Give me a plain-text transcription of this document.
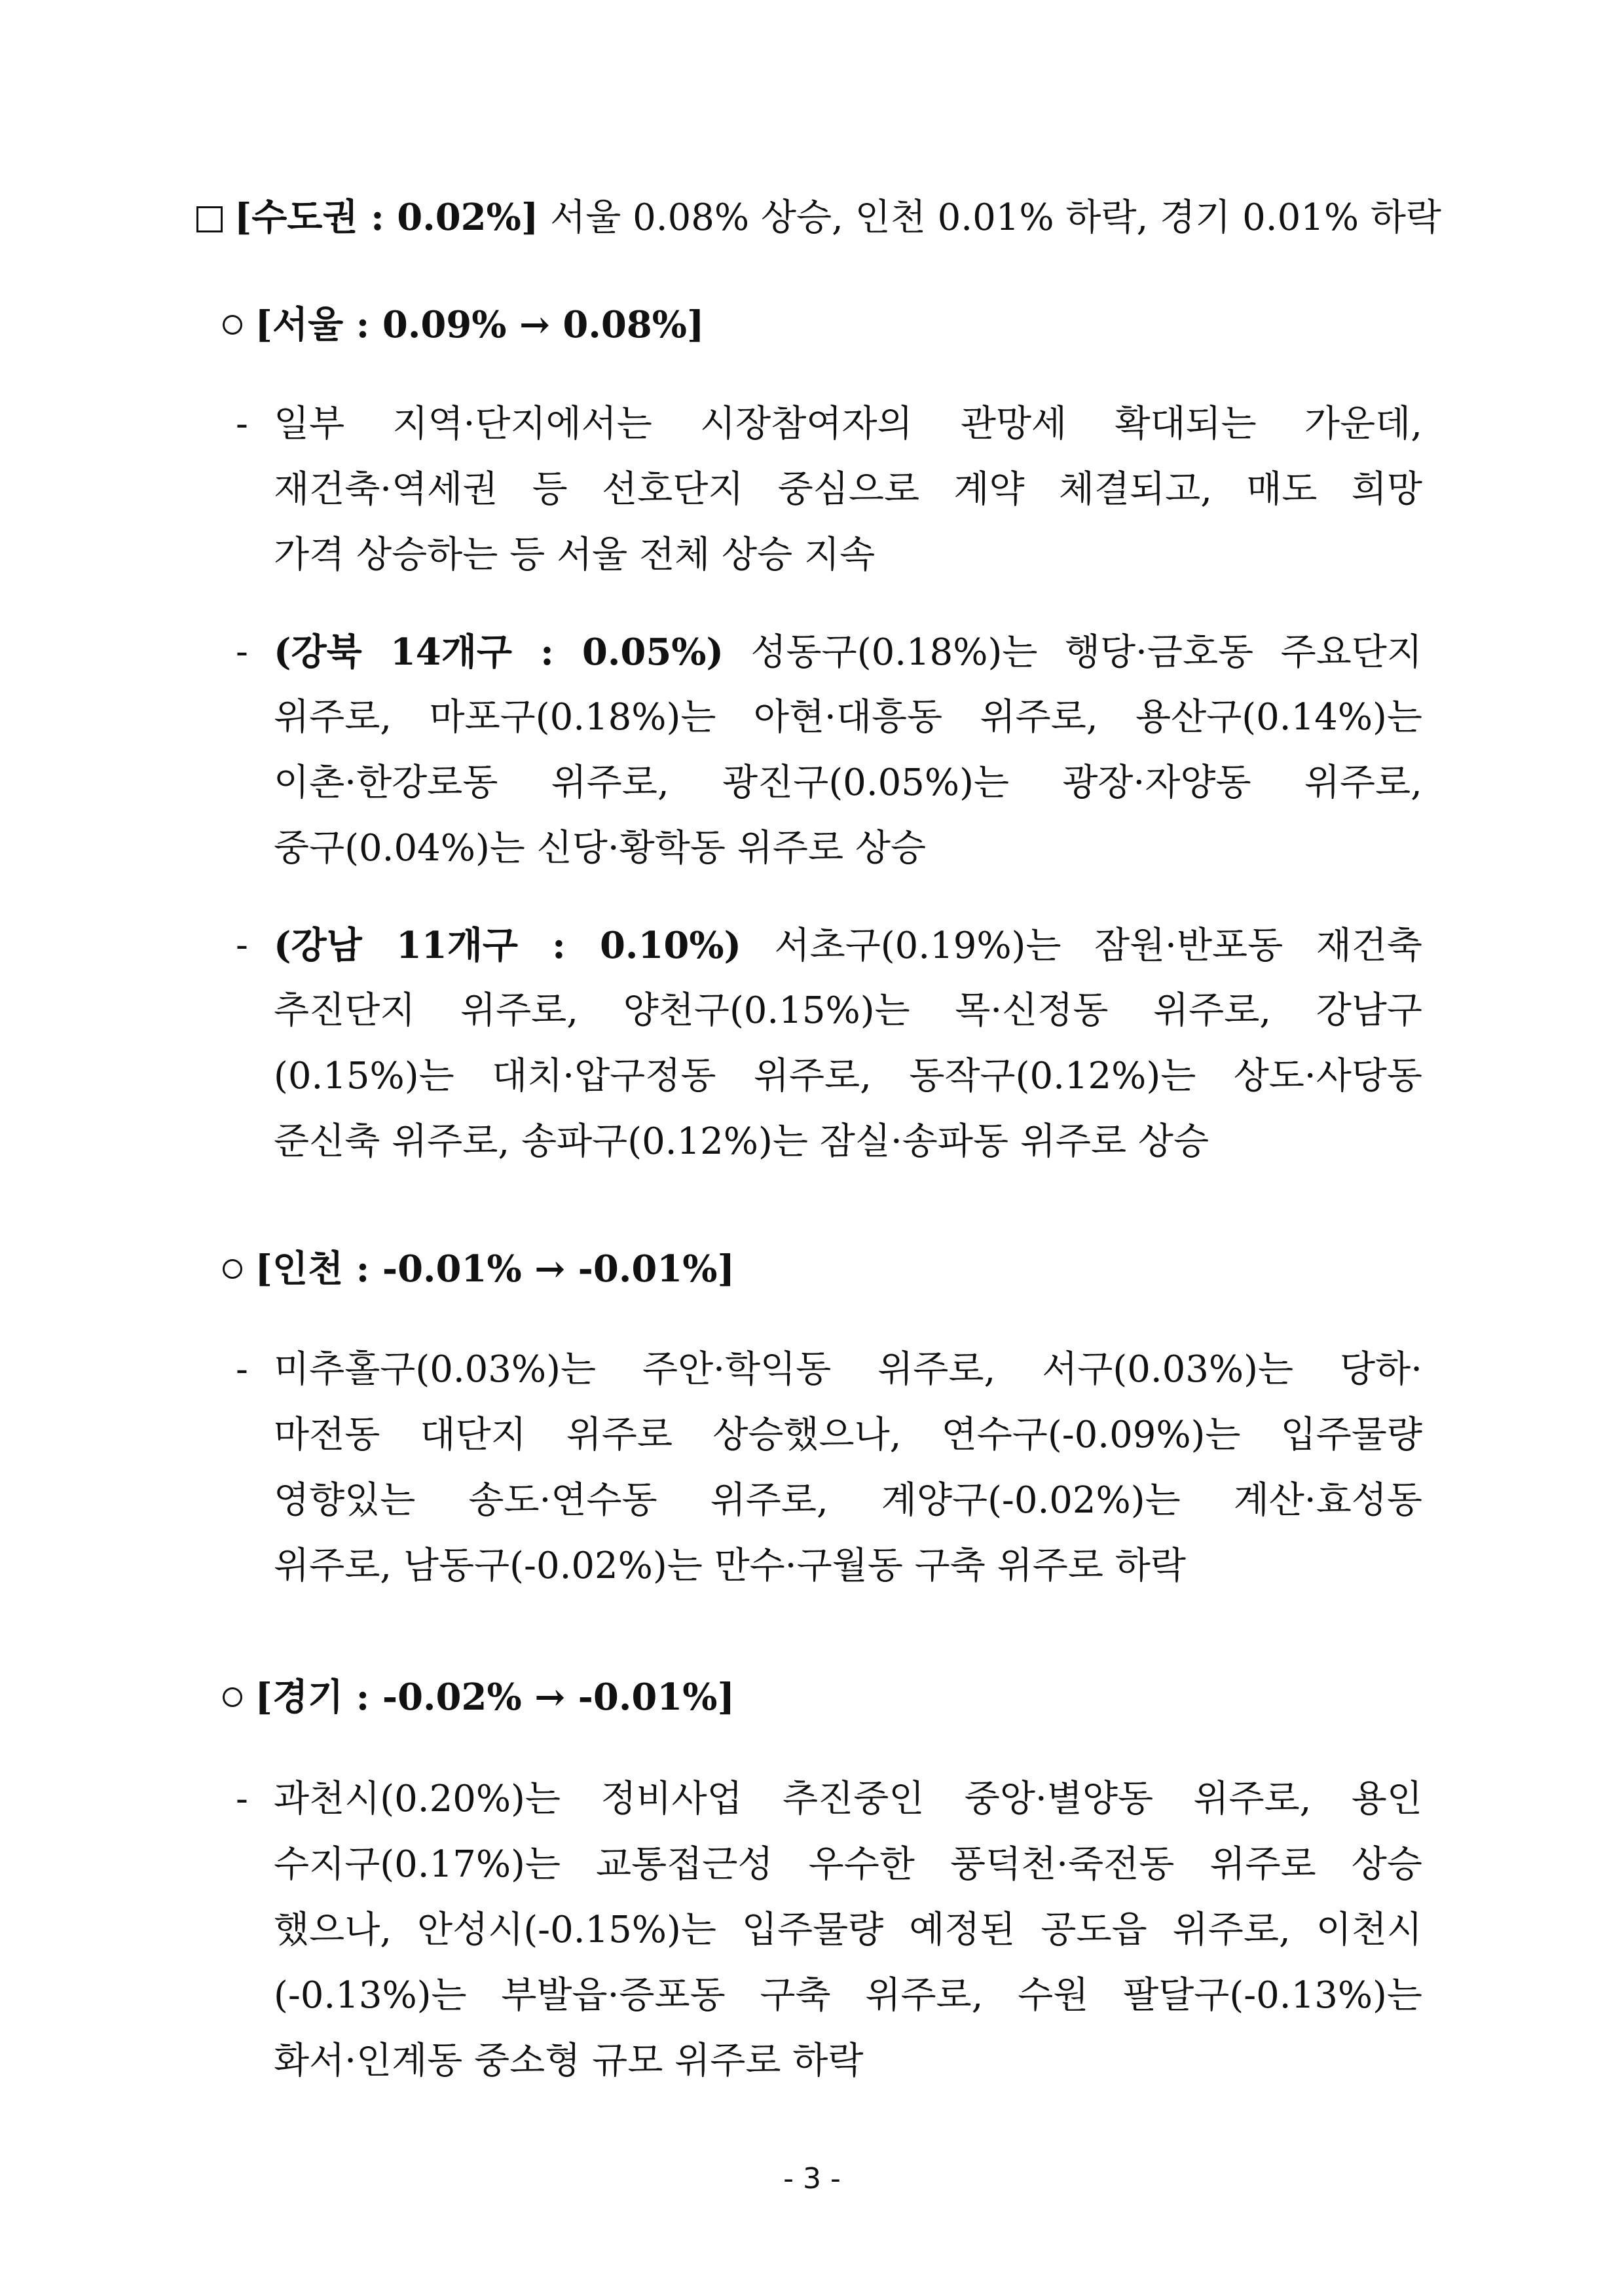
[수도권 : 0.02%] 서울 0.08% 상승, 인천 0.01% 하락, 경기 0.01% 하락
[서울 : 0.09% → 0.08%]
- 일부 지역·단지에서는 시장참여자의 관망세 확대되는 가운데,
재건축·역세권 등 선호단지 중심으로 계약 체결되고, 매도 희망
가격 상승하는 등 서울 전체 상승 지속
- (강북 14개구 : 0.05%) 성동구(0.18%)는 행당·금호동 주요단지
위주로, 마포구(0.18%)는 아현·대흥동 위주로, 용산구(0.14%)는
이촌·한강로동 위주로, 광진구(0.05%)는 광장·자양동 위주로,
중구(0.04%)는 신당·황학동 위주로 상승
- (강남 11개구 : 0.10%) 서초구(0.19%)는 잠원·반포동 재건축
추진단지 위주로, 양천구(0.15%)는 목·신정동 위주로, 강남구
(0.15%)는 대치·압구정동 위주로, 동작구(0.12%)는 상도·사당동
준신축 위주로, 송파구(0.12%)는 잠실·송파동 위주로 상승
[인천 : -0.01% → -0.01%]
- 미추홀구(0.03%)는 주안·학익동 위주로, 서구(0.03%)는 당하·
마전동 대단지 위주로 상승했으나, 연수구(-0.09%)는 입주물량
영향있는 송도·연수동 위주로, 계양구(-0.02%)는 계산·효성동
위주로, 남동구(-0.02%)는 만수·구월동 구축 위주로 하락
[경기 : -0.02% → -0.01%]
- 과천시(0.20%)는 정비사업 추진중인 중앙·별양동 위주로, 용인
수지구(0.17%)는 교통접근성 우수한 풍덕천·죽전동 위주로 상승
했으나, 안성시(-0.15%)는 입주물량 예정된 공도읍 위주로, 이천시
(-0.13%)는 부발읍·증포동 구축 위주로, 수원 팔달구(-0.13%)는
화서·인계동 중소형 규모 위주로 하락
- 3 -
